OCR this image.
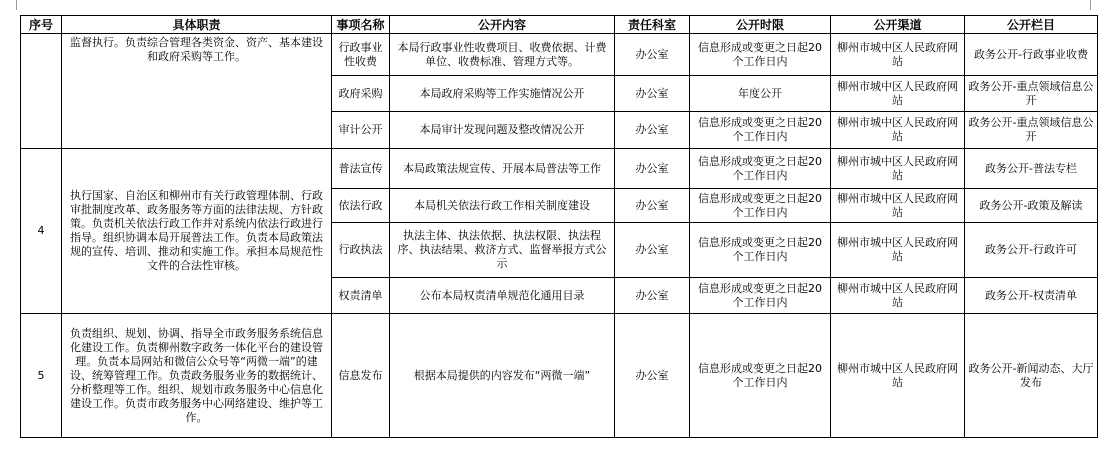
序号	具体职责	事项名称	公开内容	责任科室	公开时限	公开渠道	公开栏目
	监督执行。负责综合管理各类资金、资产、基本建设和政府采购等工作。	行政事业性收费	本局行政事业性收费项目、收费依据、计费单位、收费标准、管理方式等。	办公室	信息形成或变更之日起20个工作日内	柳州市城中区人民政府网站	政务公开-行政事业收费
		政府采购	本局政府采购等工作实施情况公开	办公室	年度公开	柳州市城中区人民政府网站	政务公开-重点领域信息公开
		审计公开	本局审计发现问题及整改情况公开	办公室	信息形成或变更之日起20个工作日内	柳州市城中区人民政府网站	政务公开-重点领域信息公开
4	执行国家、自治区和柳州市有关行政管理体制、行政审批制度改革、政务服务等方面的法律法规、方针政策。负责机关依法行政工作并对系统内依法行政进行指导。组织协调本局开展普法工作。负责本局政策法规的宣传、培训、推动和实施工作。承担本局规范性文件的合法性审核。	普法宣传	本局政策法规宣传、开展本局普法等工作	办公室	信息形成或变更之日起20个工作日内	柳州市城中区人民政府网站	政务公开-普法专栏
		依法行政	本局机关依法行政工作相关制度建设	办公室	信息形成或变更之日起20个工作日内	柳州市城中区人民政府网站	政务公开-政策及解读
		行政执法	执法主体、执法依据、执法权限、执法程序、执法结果、救济方式、监督举报方式公示	办公室	信息形成或变更之日起20个工作日内	柳州市城中区人民政府网站	政务公开-行政许可
		权责清单	公布本局权责清单规范化通用目录	办公室	信息形成或变更之日起20个工作日内	柳州市城中区人民政府网站	政务公开-权责清单
5	负责组织、规划、协调、指导全市政务服务系统信息化建设工作。负责柳州数字政务一体化平台的建设管理。负责本局网站和微信公众号等“两微一端”的建设、统筹管理工作。负责政务服务业务的数据统计、分析整理等工作。组织、规划市政务服务中心信息化建设工作。负责市政务服务中心网络建设、维护等工作。	信息发布	根据本局提供的内容发布“两微一端”	办公室	信息形成或变更之日起20个工作日内	柳州市城中区人民政府网站	政务公开-新闻动态、大厅发布
